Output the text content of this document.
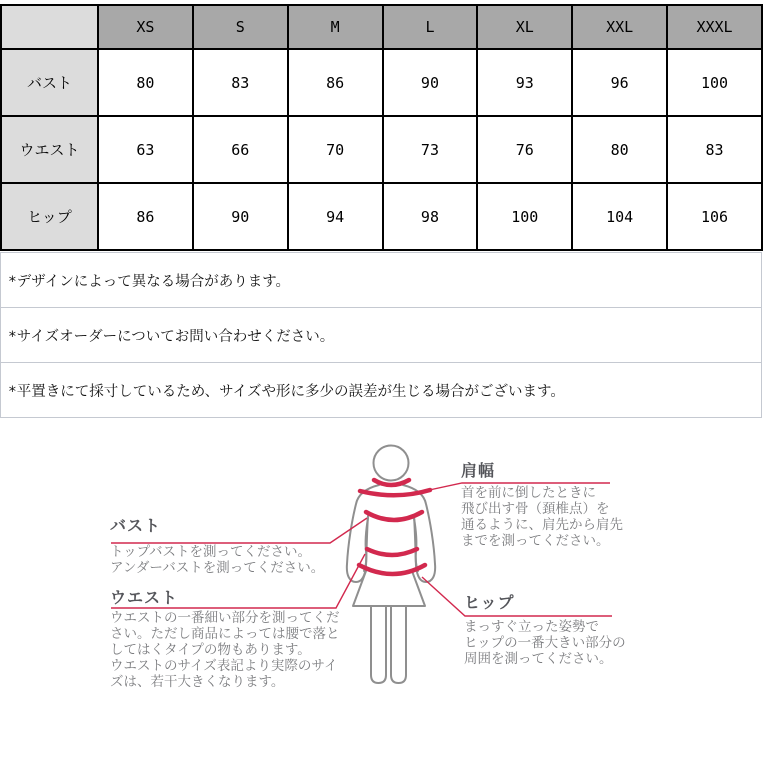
	XS	S	M	L	XL	XXL	XXXL
バスト	80	83	86	90	93	96	100
ウエスト	63	66	70	73	76	80	83
ヒップ	86	90	94	98	100	104	106
*デザインによって異なる場合があります。
*サイズオーダーについてお問い合わせください。
*平置きにて採寸しているため、サイズや形に多少の誤差が生じる場合がございます。
肩幅
首を前に倒したときに
飛び出す骨（頚椎点）を
通るように、肩先から肩先
までを測ってください。
バスト
トップバストを測ってください。
アンダーバストを測ってください。
ウエスト
ウエストの一番細い部分を測ってくだ
さい。ただし商品によっては腰で落と
してはくタイプの物もあります。
ウエストのサイズ表記より実際のサイ
ズは、若干大きくなります。
ヒップ
まっすぐ立った姿勢で
ヒップの一番大きい部分の
周囲を測ってください。
